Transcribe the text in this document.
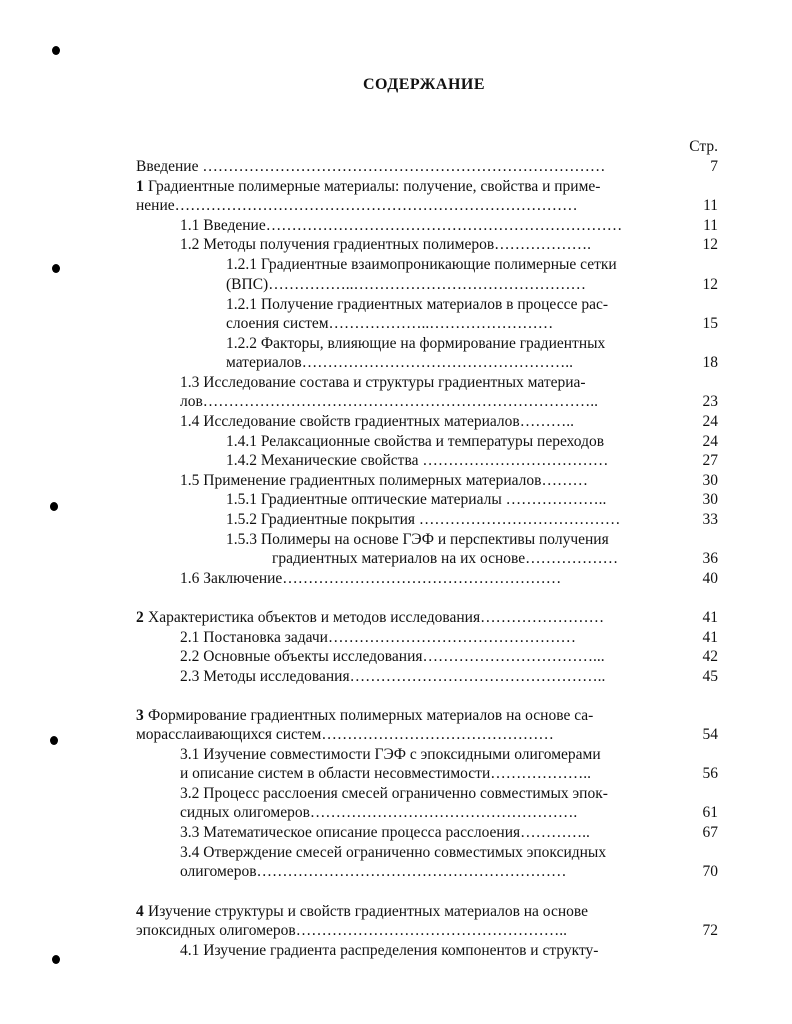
СОДЕРЖАНИЕ
Стр.
Введение ……………………………………………………………………	7
1 Градиентные полимерные материалы: получение, свойства и приме-
нение……………………………………………………………………	11
1.1 Введение……………………………………………………………	11
1.2 Методы получения градиентных полимеров……………….	12
1.2.1 Градиентные взаимопроникающие полимерные сетки
(ВПС)……………..………………………………………	12
1.2.1 Получение градиентных материалов в процессе рас-
слоения систем………………..……………………	15
1.2.2 Факторы, влияющие на формирование градиентных
материалов……………………………………………..	18
1.3 Исследование состава и структуры градиентных материа-
лов…………………………………………………………………..	23
1.4 Исследование свойств градиентных материалов………..	24
1.4.1 Релаксационные свойства и температуры переходов	24
1.4.2 Механические свойства ………………………………	27
1.5 Применение градиентных полимерных материалов………	30
1.5.1 Градиентные оптические материалы ………………..	30
1.5.2 Градиентные покрытия …………………………………	33
1.5.3 Полимеры на основе ГЭФ и перспективы получения
градиентных материалов на их основе………………	36
1.6 Заключение………………………………………………	40
2 Характеристика объектов и методов исследования……………………	41
2.1 Постановка задачи…………………………………………	41
2.2 Основные объекты исследования……………………………...	42
2.3 Методы исследования…………………………………………..	45
3 Формирование градиентных полимерных материалов на основе са-
морасслаивающихся систем………………………………………	54
3.1 Изучение совместимости ГЭФ с эпоксидными олигомерами
и описание систем в области несовместимости………………..	56
3.2 Процесс расслоения смесей ограниченно совместимых эпок-
сидных олигомеров…………………………………………….	61
3.3 Математическое описание процесса расслоения…………..	67
3.4 Отверждение смесей ограниченно совместимых эпоксидных
олигомеров……………………………………………………	70
4 Изучение структуры и свойств градиентных материалов на основе
эпоксидных олигомеров……………………………………………..	72
4.1 Изучение градиента распределения компонентов и структу-
